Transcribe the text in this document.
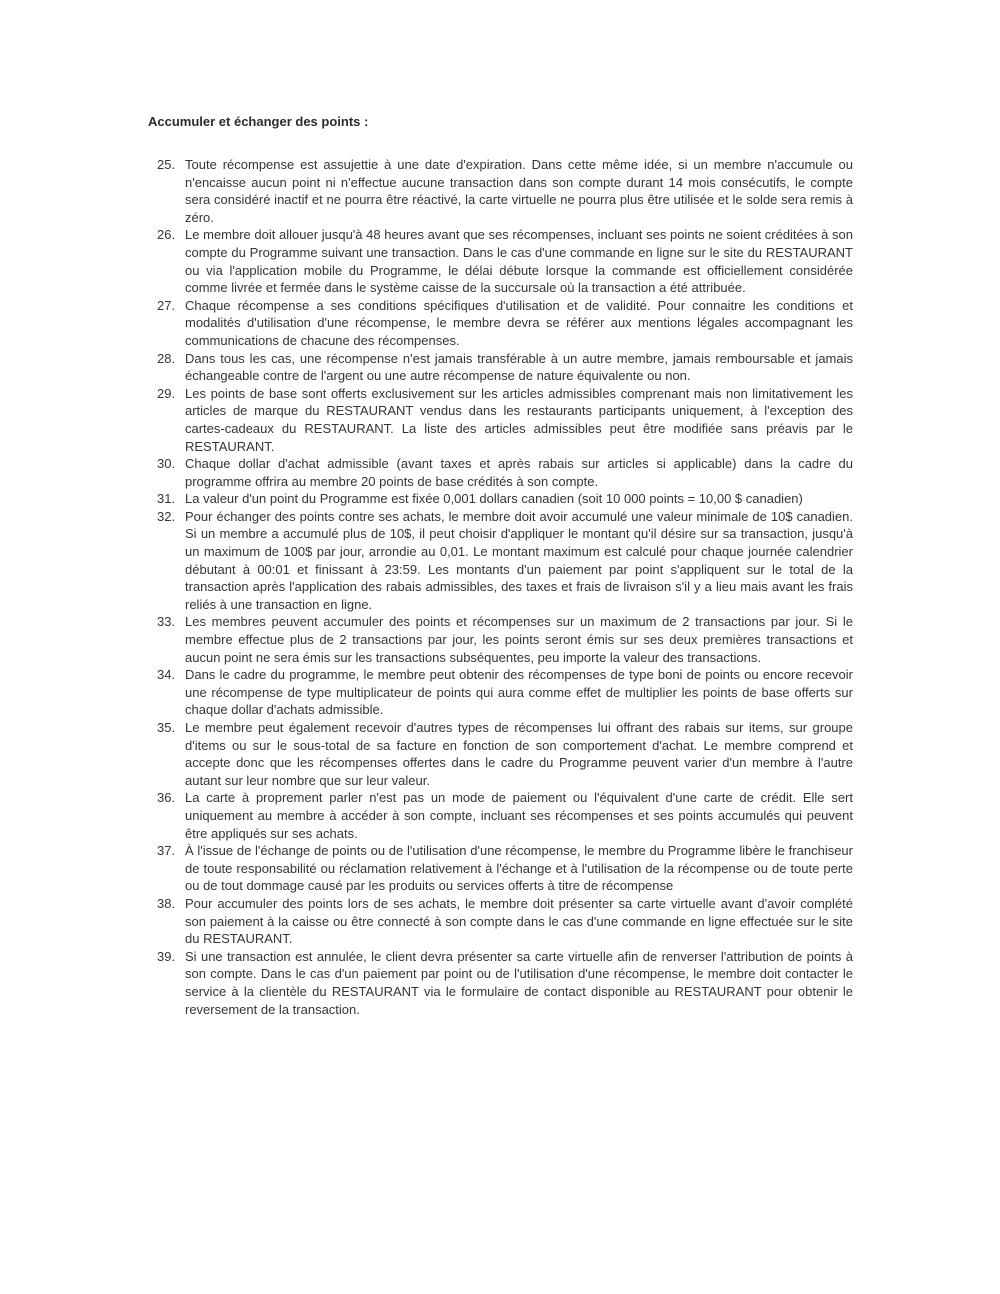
Accumuler et échanger des points :
25. Toute récompense est assujettie à une date d'expiration. Dans cette même idée, si un membre n'accumule ou n'encaisse aucun point ni n'effectue aucune transaction dans son compte durant 14 mois consécutifs, le compte sera considéré inactif et ne pourra être réactivé, la carte virtuelle ne pourra plus être utilisée et le solde sera remis à zéro.
26. Le membre doit allouer jusqu'à 48 heures avant que ses récompenses, incluant ses points ne soient créditées à son compte du Programme suivant une transaction. Dans le cas d'une commande en ligne sur le site du RESTAURANT ou via l'application mobile du Programme, le délai débute lorsque la commande est officiellement considérée comme livrée et fermée dans le système caisse de la succursale où la transaction a été attribuée.
27. Chaque récompense a ses conditions spécifiques d'utilisation et de validité. Pour connaitre les conditions et modalités d'utilisation d'une récompense, le membre devra se référer aux mentions légales accompagnant les communications de chacune des récompenses.
28. Dans tous les cas, une récompense n'est jamais transférable à un autre membre, jamais remboursable et jamais échangeable contre de l'argent ou une autre récompense de nature équivalente ou non.
29. Les points de base sont offerts exclusivement sur les articles admissibles comprenant mais non limitativement les articles de marque du RESTAURANT vendus dans les restaurants participants uniquement, à l'exception des cartes-cadeaux du RESTAURANT. La liste des articles admissibles peut être modifiée sans préavis par le RESTAURANT.
30. Chaque dollar d'achat admissible (avant taxes et après rabais sur articles si applicable) dans la cadre du programme offrira au membre 20 points de base crédités à son compte.
31. La valeur d'un point du Programme est fixée 0,001 dollars canadien (soit 10 000 points = 10,00 $ canadien)
32. Pour échanger des points contre ses achats, le membre doit avoir accumulé une valeur minimale de 10$ canadien. Si un membre a accumulé plus de 10$, il peut choisir d'appliquer le montant qu'il désire sur sa transaction, jusqu'à un maximum de 100$ par jour, arrondie au 0,01. Le montant maximum est calculé pour chaque journée calendrier débutant à 00:01 et finissant à 23:59. Les montants d'un paiement par point s'appliquent sur le total de la transaction après l'application des rabais admissibles, des taxes et frais de livraison s'il y a lieu mais avant les frais reliés à une transaction en ligne.
33. Les membres peuvent accumuler des points et récompenses sur un maximum de 2 transactions par jour. Si le membre effectue plus de 2 transactions par jour, les points seront émis sur ses deux premières transactions et aucun point ne sera émis sur les transactions subséquentes, peu importe la valeur des transactions.
34. Dans le cadre du programme, le membre peut obtenir des récompenses de type boni de points ou encore recevoir une récompense de type multiplicateur de points qui aura comme effet de multiplier les points de base offerts sur chaque dollar d'achats admissible.
35. Le membre peut également recevoir d'autres types de récompenses lui offrant des rabais sur items, sur groupe d'items ou sur le sous-total de sa facture en fonction de son comportement d'achat. Le membre comprend et accepte donc que les récompenses offertes dans le cadre du Programme peuvent varier d'un membre à l'autre autant sur leur nombre que sur leur valeur.
36. La carte à proprement parler n'est pas un mode de paiement ou l'équivalent d'une carte de crédit. Elle sert uniquement au membre à accéder à son compte, incluant ses récompenses et ses points accumulés qui peuvent être appliqués sur ses achats.
37. À l'issue de l'échange de points ou de l'utilisation d'une récompense, le membre du Programme libère le franchiseur de toute responsabilité ou réclamation relativement à l'échange et à l'utilisation de la récompense ou de toute perte ou de tout dommage causé par les produits ou services offerts à titre de récompense
38. Pour accumuler des points lors de ses achats, le membre doit présenter sa carte virtuelle avant d'avoir complété son paiement à la caisse ou être connecté à son compte dans le cas d'une commande en ligne effectuée sur le site du RESTAURANT.
39. Si une transaction est annulée, le client devra présenter sa carte virtuelle afin de renverser l'attribution de points à son compte. Dans le cas d'un paiement par point ou de l'utilisation d'une récompense, le membre doit contacter le service à la clientèle du RESTAURANT via le formulaire de contact disponible au RESTAURANT pour obtenir le reversement de la transaction.
